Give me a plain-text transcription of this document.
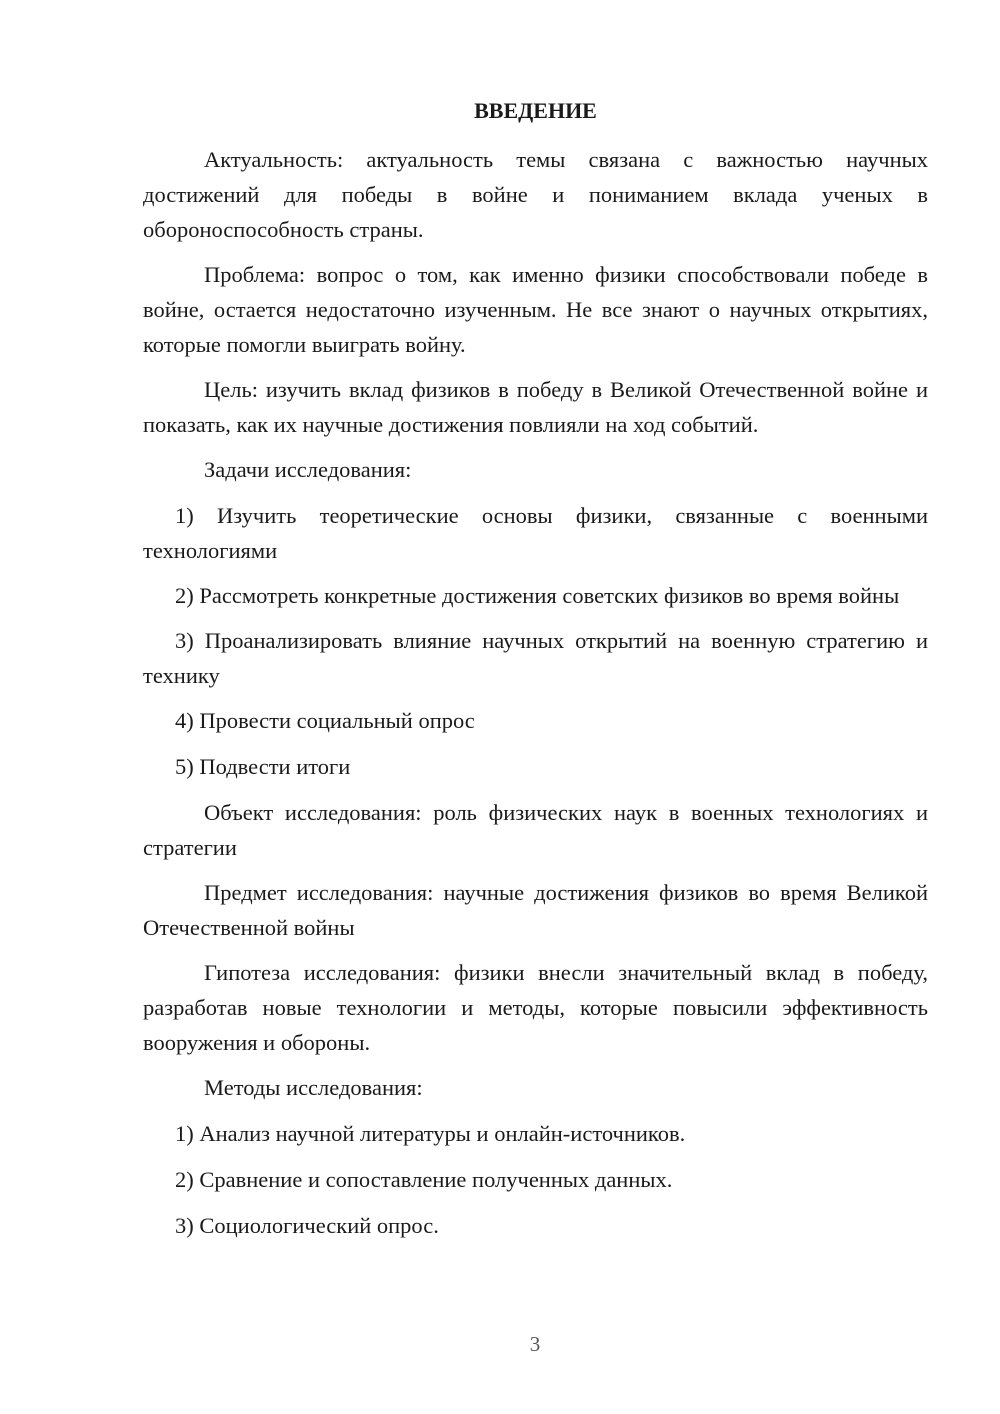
ВВЕДЕНИЕ

Актуальность: актуальность темы связана с важностью научных достижений для победы в войне и пониманием вклада ученых в обороноспособность страны.

Проблема: вопрос о том, как именно физики способствовали победе в войне, остается недостаточно изученным. Не все знают о научных открытиях, которые помогли выиграть войну.

Цель: изучить вклад физиков в победу в Великой Отечественной войне и показать, как их научные достижения повлияли на ход событий.

Задачи исследования:

1) Изучить теоретические основы физики, связанные с военными технологиями

2) Рассмотреть конкретные достижения советских физиков во время войны

3) Проанализировать влияние научных открытий на военную стратегию и технику

4) Провести социальный опрос

5) Подвести итоги

Объект исследования: роль физических наук в военных технологиях и стратегии

Предмет исследования: научные достижения физиков во время Великой Отечественной войны

Гипотеза исследования: физики внесли значительный вклад в победу, разработав новые технологии и методы, которые повысили эффективность вооружения и обороны.

Методы исследования:

1) Анализ научной литературы и онлайн-источников.

2) Сравнение и сопоставление полученных данных.

3) Социологический опрос.

3
